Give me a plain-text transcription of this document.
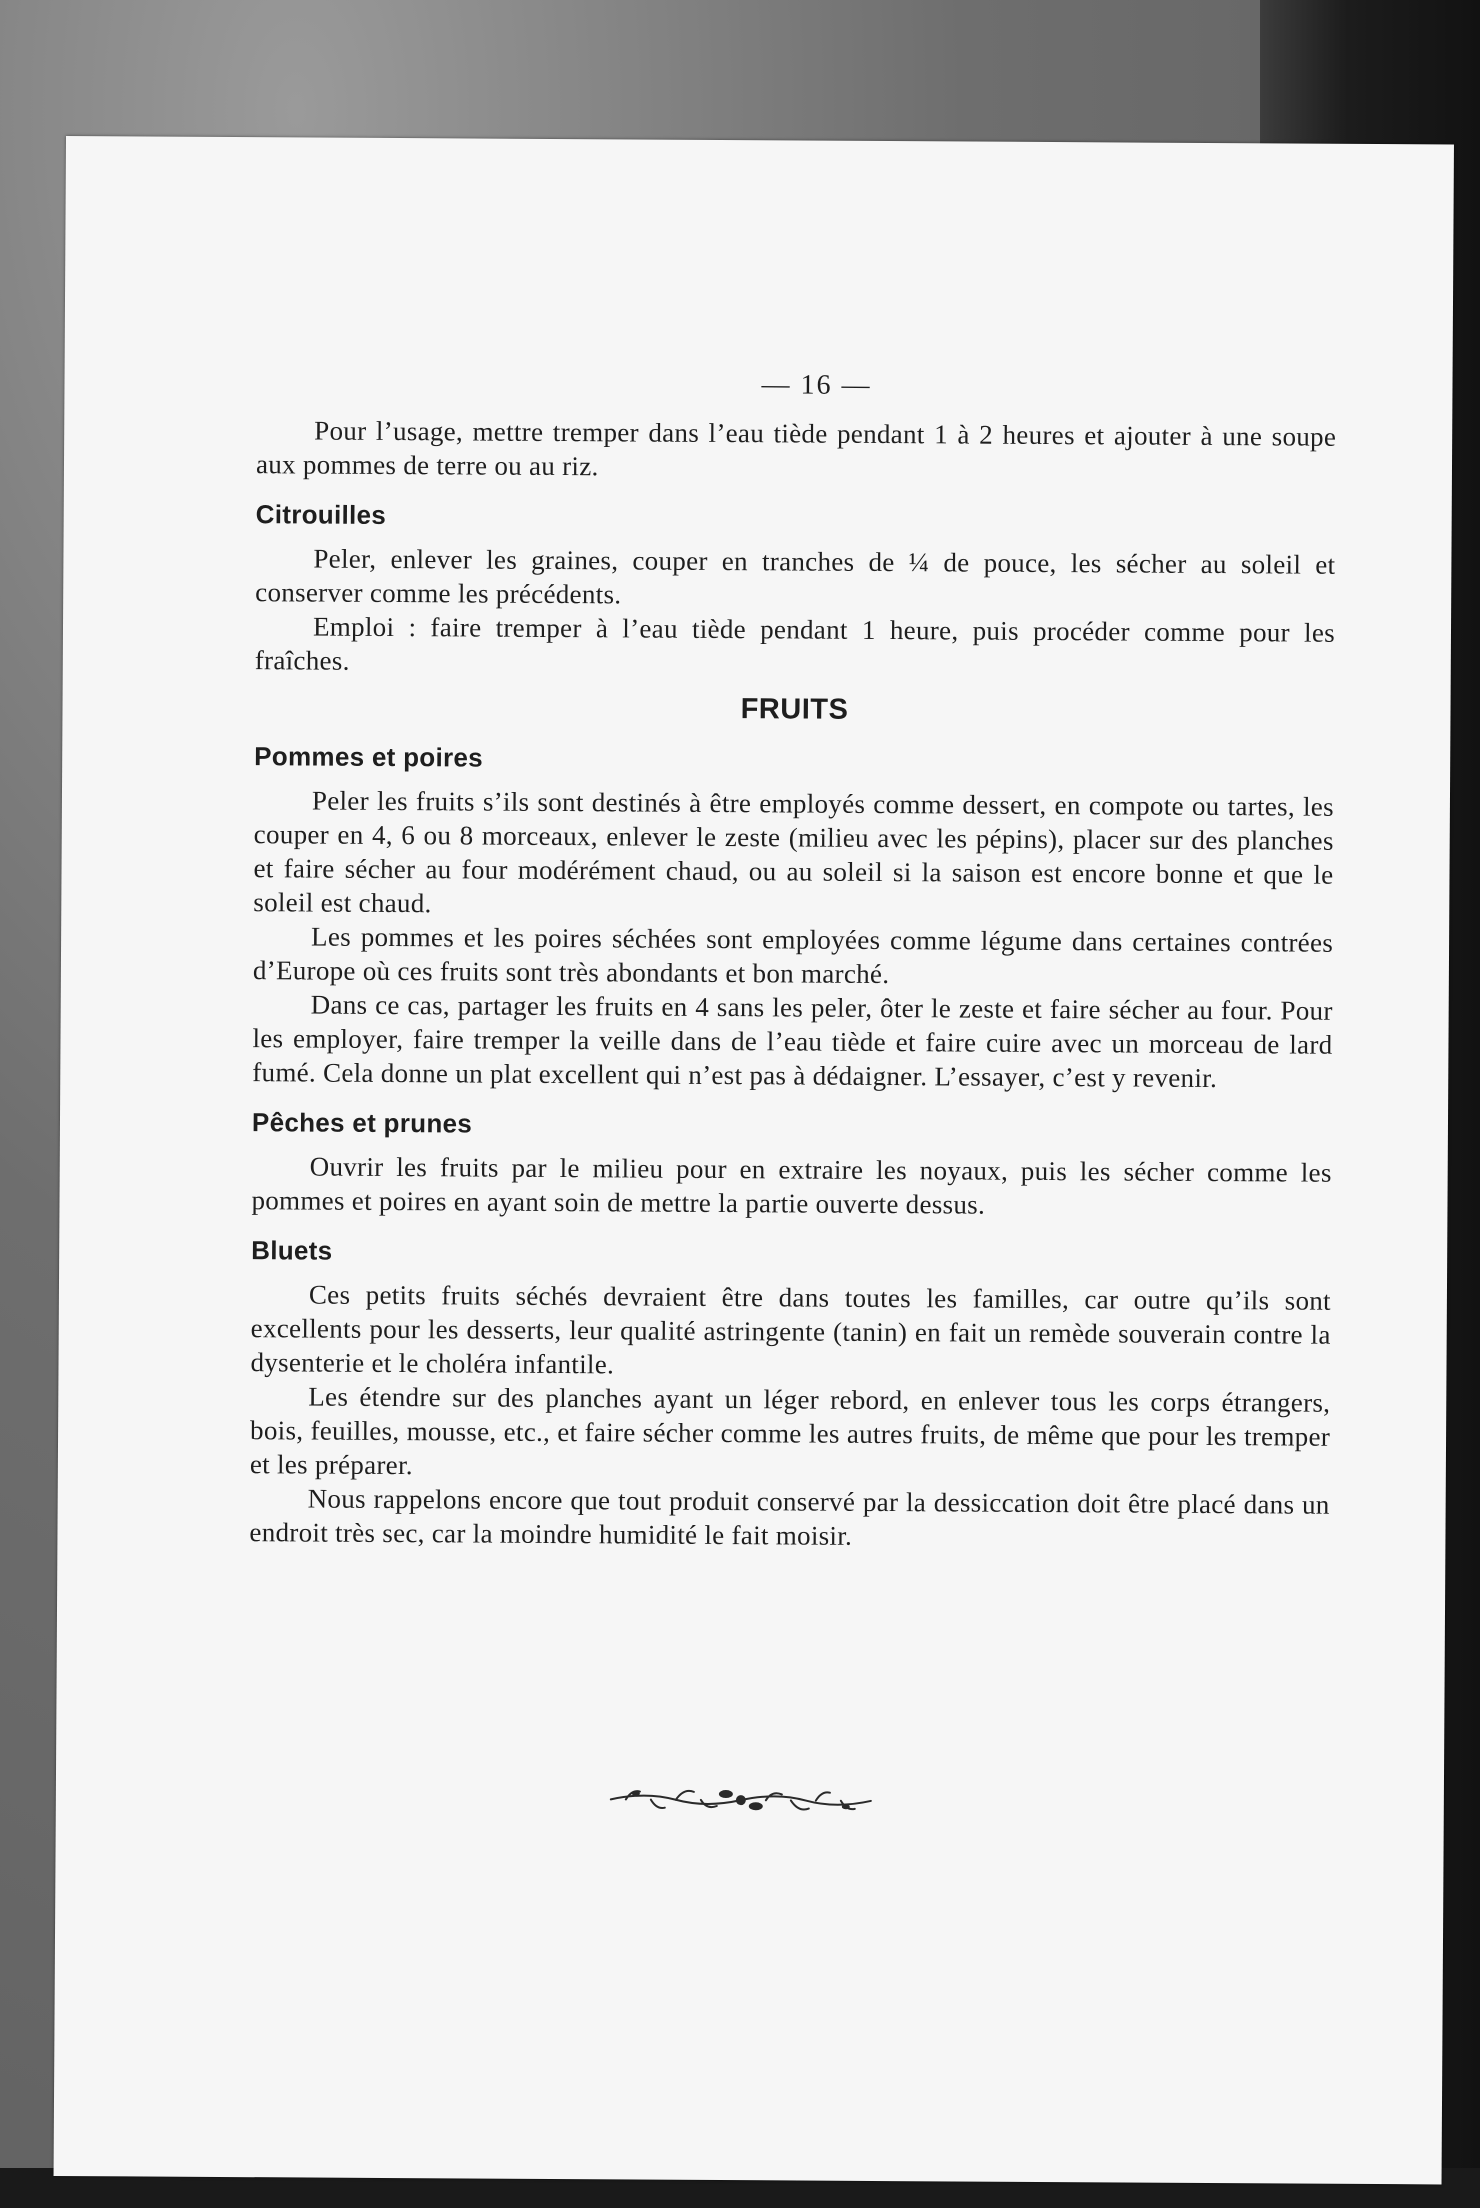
— 16 —

Pour l’usage, mettre tremper dans l’eau tiède pendant 1 à 2 heures et ajouter à une soupe aux pommes de terre ou au riz.

Citrouilles

Peler, enlever les graines, couper en tranches de ¼ de pouce, les sécher au soleil et conserver comme les précédents.

Emploi : faire tremper à l’eau tiède pendant 1 heure, puis procéder comme pour les fraîches.

FRUITS
Pommes et poires

Peler les fruits s’ils sont destinés à être employés comme dessert, en compote ou tartes, les couper en 4, 6 ou 8 morceaux, enlever le zeste (milieu avec les pépins), placer sur des planches et faire sécher au four modérément chaud, ou au soleil si la saison est encore bonne et que le soleil est chaud.

Les pommes et les poires séchées sont employées comme légume dans certaines contrées d’Europe où ces fruits sont très abondants et bon marché.

Dans ce cas, partager les fruits en 4 sans les peler, ôter le zeste et faire sécher au four. Pour les employer, faire tremper la veille dans de l’eau tiède et faire cuire avec un morceau de lard fumé. Cela donne un plat excellent qui n’est pas à dédaigner. L’essayer, c’est y revenir.

Pêches et prunes

Ouvrir les fruits par le milieu pour en extraire les noyaux, puis les sécher comme les pommes et poires en ayant soin de mettre la partie ouverte dessus.

Bluets

Ces petits fruits séchés devraient être dans toutes les familles, car outre qu’ils sont excellents pour les desserts, leur qualité astringente (tanin) en fait un remède souverain contre la dysenterie et le choléra infantile.

Les étendre sur des planches ayant un léger rebord, en enlever tous les corps étrangers, bois, feuilles, mousse, etc., et faire sécher comme les autres fruits, de même que pour les tremper et les préparer.

Nous rappelons encore que tout produit conservé par la dessiccation doit être placé dans un endroit très sec, car la moindre humidité le fait moisir.
